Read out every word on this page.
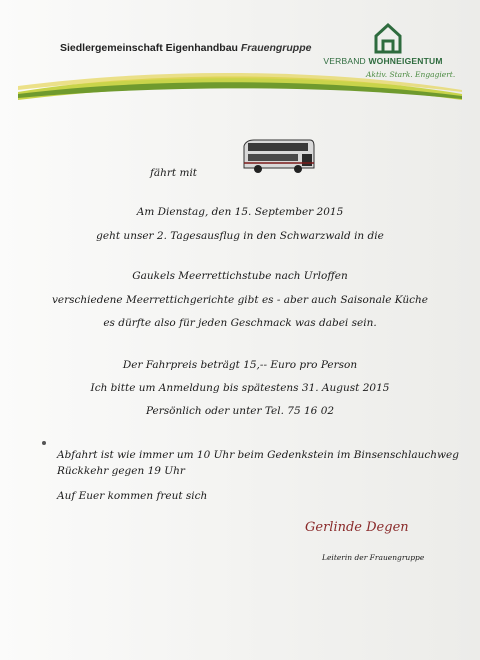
Siedlergemeinschaft Eigenhandbau Frauengruppe
VERBAND WOHNEIGENTUM
Aktiv. Stark. Engagiert.
fährt mit
Am Dienstag, den 15. September 2015
geht unser 2. Tagesausflug in den Schwarzwald in die
Gaukels Meerrettichstube nach Urloffen
verschiedene Meerrettichgerichte gibt es - aber auch Saisonale Küche
es dürfte also für jeden Geschmack was dabei sein.
Der Fahrpreis beträgt 15,-- Euro pro Person
Ich bitte um Anmeldung bis spätestens 31. August 2015
Persönlich oder unter Tel. 75 16 02
Abfahrt ist wie immer um 10 Uhr beim Gedenkstein im Binsenschlauchweg
Rückkehr gegen 19 Uhr
Auf Euer kommen freut sich
Gerlinde Degen
Leiterin der Frauengruppe
